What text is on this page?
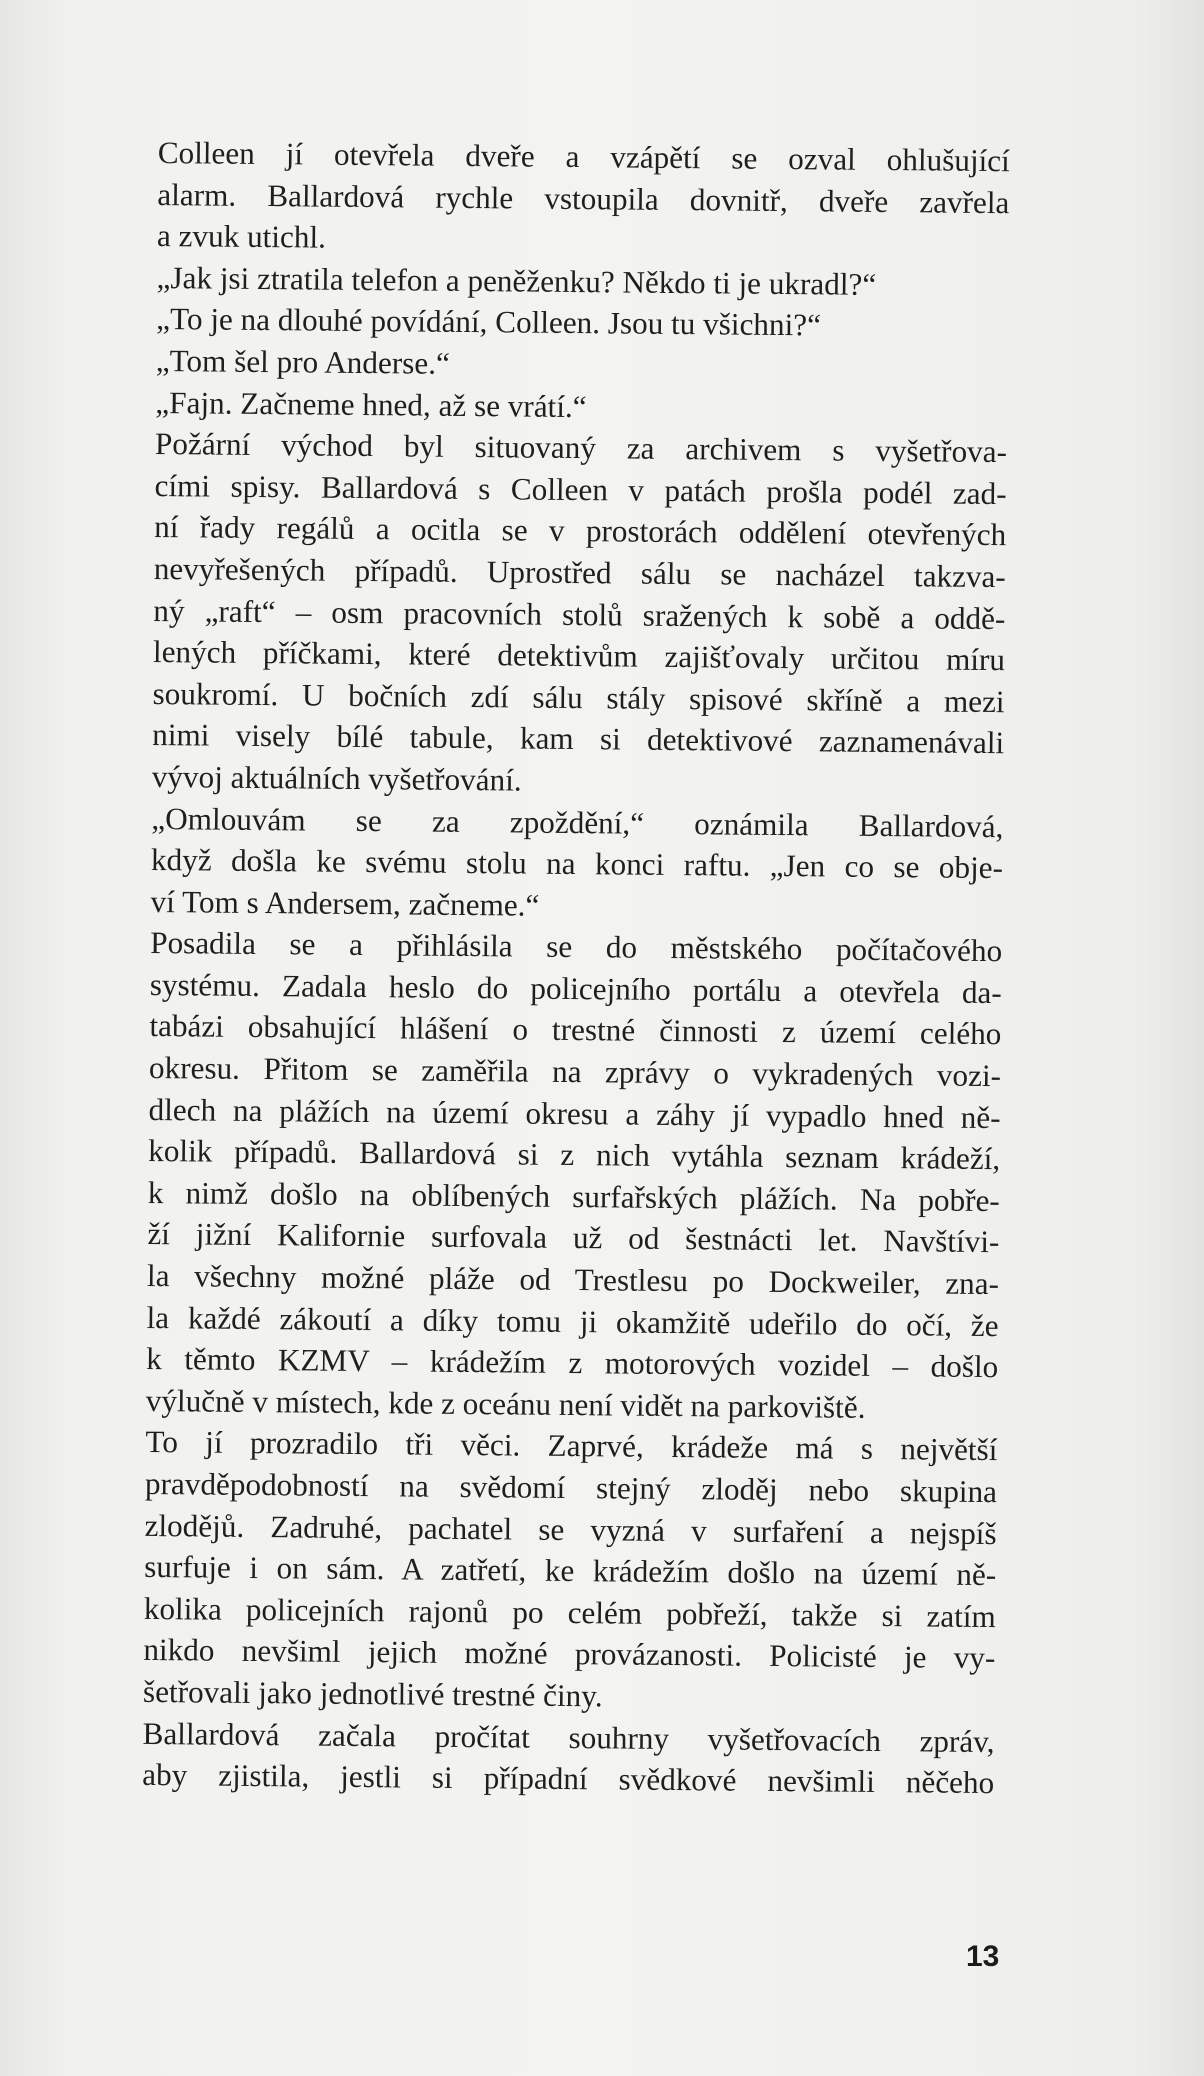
Colleen jí otevřela dveře a vzápětí se ozval ohlušující
alarm. Ballardová rychle vstoupila dovnitř, dveře zavřela
a zvuk utichl.
„Jak jsi ztratila telefon a peněženku? Někdo ti je ukradl?“
„To je na dlouhé povídání, Colleen. Jsou tu všichni?“
„Tom šel pro Anderse.“
„Fajn. Začneme hned, až se vrátí.“
Požární východ byl situovaný za archivem s vyšetřova-
cími spisy. Ballardová s Colleen v patách prošla podél zad-
ní řady regálů a ocitla se v prostorách oddělení otevřených
nevyřešených případů. Uprostřed sálu se nacházel takzva-
ný „raft“ – osm pracovních stolů sražených k sobě a oddě-
lených příčkami, které detektivům zajišťovaly určitou míru
soukromí. U bočních zdí sálu stály spisové skříně a mezi
nimi visely bílé tabule, kam si detektivové zaznamenávali
vývoj aktuálních vyšetřování.
„Omlouvám se za zpoždění,“ oznámila Ballardová,
když došla ke svému stolu na konci raftu. „Jen co se obje-
ví Tom s Andersem, začneme.“
Posadila se a přihlásila se do městského počítačového
systému. Zadala heslo do policejního portálu a otevřela da-
tabázi obsahující hlášení o trestné činnosti z území celého
okresu. Přitom se zaměřila na zprávy o vykradených vozi-
dlech na plážích na území okresu a záhy jí vypadlo hned ně-
kolik případů. Ballardová si z nich vytáhla seznam krádeží,
k nimž došlo na oblíbených surfařských plážích. Na pobře-
ží jižní Kalifornie surfovala už od šestnácti let. Navštívi-
la všechny možné pláže od Trestlesu po Dockweiler, zna-
la každé zákoutí a díky tomu ji okamžitě udeřilo do očí, že
k těmto KZMV – krádežím z motorových vozidel – došlo
výlučně v místech, kde z oceánu není vidět na parkoviště.
To jí prozradilo tři věci. Zaprvé, krádeže má s největší
pravděpodobností na svědomí stejný zloděj nebo skupina
zlodějů. Zadruhé, pachatel se vyzná v surfaření a nejspíš
surfuje i on sám. A zatřetí, ke krádežím došlo na území ně-
kolika policejních rajonů po celém pobřeží, takže si zatím
nikdo nevšiml jejich možné provázanosti. Policisté je vy-
šetřovali jako jednotlivé trestné činy.
Ballardová začala pročítat souhrny vyšetřovacích zpráv,
aby zjistila, jestli si případní svědkové nevšimli něčeho
13
